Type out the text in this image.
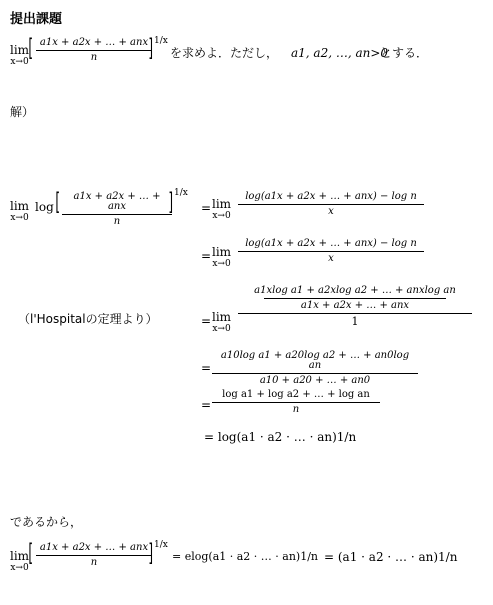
提出課題
lim
x→0 [ a1x + a2x + … + anx
n	] 1/x
を求めよ．ただし， a1, a2, …, an>0
とする．
解）
lim
x→0
log [	a1x + a2x + … + anx
n
] 1/x
= lim
x→0
log(a1x + a2x + … + anx) − log n
x
= lim
x→0
log(a1x + a2x + … + anx) − log n
x
（l'Hospitalの定理より）	= lim
x→0
$\frac{\text{a1xlog a1 + a2xlog a2 + … + anxlog an}}{\text{a1x + a2x + … + anx}}$
1
=
a10log a1 + a20log a2 + … + an0log an
a10 + a20 + … + an0
=
log a1 + log a2 + … + log an
n
= log(a1 · a2 · … · an)1/n
であるから，
lim
x→0
[ a1x + a2x + … + anx
n	] 1/x
= elog(a1 · a2 · … · an)1/n = (a1 · a2 · … · an)1/n
